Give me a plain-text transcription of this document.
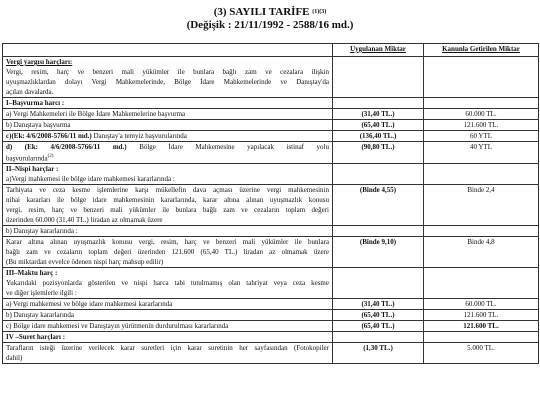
(3) SAYILI TARİFE $^{(1)(3)}$
(Değişik : 21/11/1992 - 2588/16 md.)
	Uygulanan Miktar	Kanunla Getirilen Miktar

Vergi yargısı harçları:
Vergi, resim, harç ve benzeri mali yükümler ile bunlara bağlı zam ve cezalara ilişkin
uyuşmazlıklardan dolayı Vergi Mahkemelerinde, Bölge İdare Mahkemelerinde ve Danıştay'da
açılan davalarda.		

I–Başvurma harcı :		

a) Vergi Mahkemeleri ile Bölge İdare Mahkemelerine başvurma	(31,40 TL.)	60.000 TL.
b) Danıştaya başvurma	(65,40 TL.)	121.600 TL.
c)(Ek: 4/6/2008-5766/11 md.) Danıştay'a temyiz başvurularında	(136,40 TL.)	60 YTL

d) (Ek: 4/6/2008-5766/11 md.) Bölge İdare Mahkemesine yapılacak istinaf yolu
başvurularında$^{(2)}$	(90,80 TL.)	40 YTL

II–Nispi harçlar :
a)Vergi mahkemesi ile bölge idare mahkemesi kararlarında :		

Tarhiyata ve ceza kesme işlemlerine karşı mükellefin dava açması üzerine vergi mahkemesinin
nihai kararları ile bölge idare mahkemesinin kararlarında, karar altına alınan uyuşmazlık konusu
vergi, resim, harç ve benzeri mali yükümler ile bunlara bağlı zam ve cezaların toplam değeri
üzerinden 60.000 (31,40 TL.) liradan az olmamak üzere	(Binde 4,55)	Binde 2,4

b) Danıştay kararlarında :		

Karar altına alınan uyuşmazlık konusu vergi, resim, harç ve benzeri mali yükümler ile bunlara
bağlı zam ve cezaların toplam değeri üzerinden 121.600 (65,40 TL.) liradan az olmamak üzere
(Bu miktardan evvelce ödenen nispi harç mahsup edilir)	(Binde 9,10)	Binde 4,8

III–Maktu harç :
Yukarıdaki pozisyonlarda gösterilen ve nispi harca tabi tutulmamış olan tahriyat veya ceza kesme
ve diğer işlemlerle ilgili :		

a) Vergi mahkemesi ve bölge idare mahkemesi kararlarında	(31,40 TL.)	60.000 TL.
b) Danıştay kararlarında	(65,40 TL.)	121.600 TL.
c) Bölge idare mahkemesi ve Danıştayın yürütmenin durdurulması kararlarında	(65,40 TL.)	121.600 TL.

IV –Suret harçları :		

Tarafların isteği üzerine verilecek karar suretleri için karar suretinin her sayfasından (Fotokopiler
dahil)	(1,30 TL.)	5.000 TL.
